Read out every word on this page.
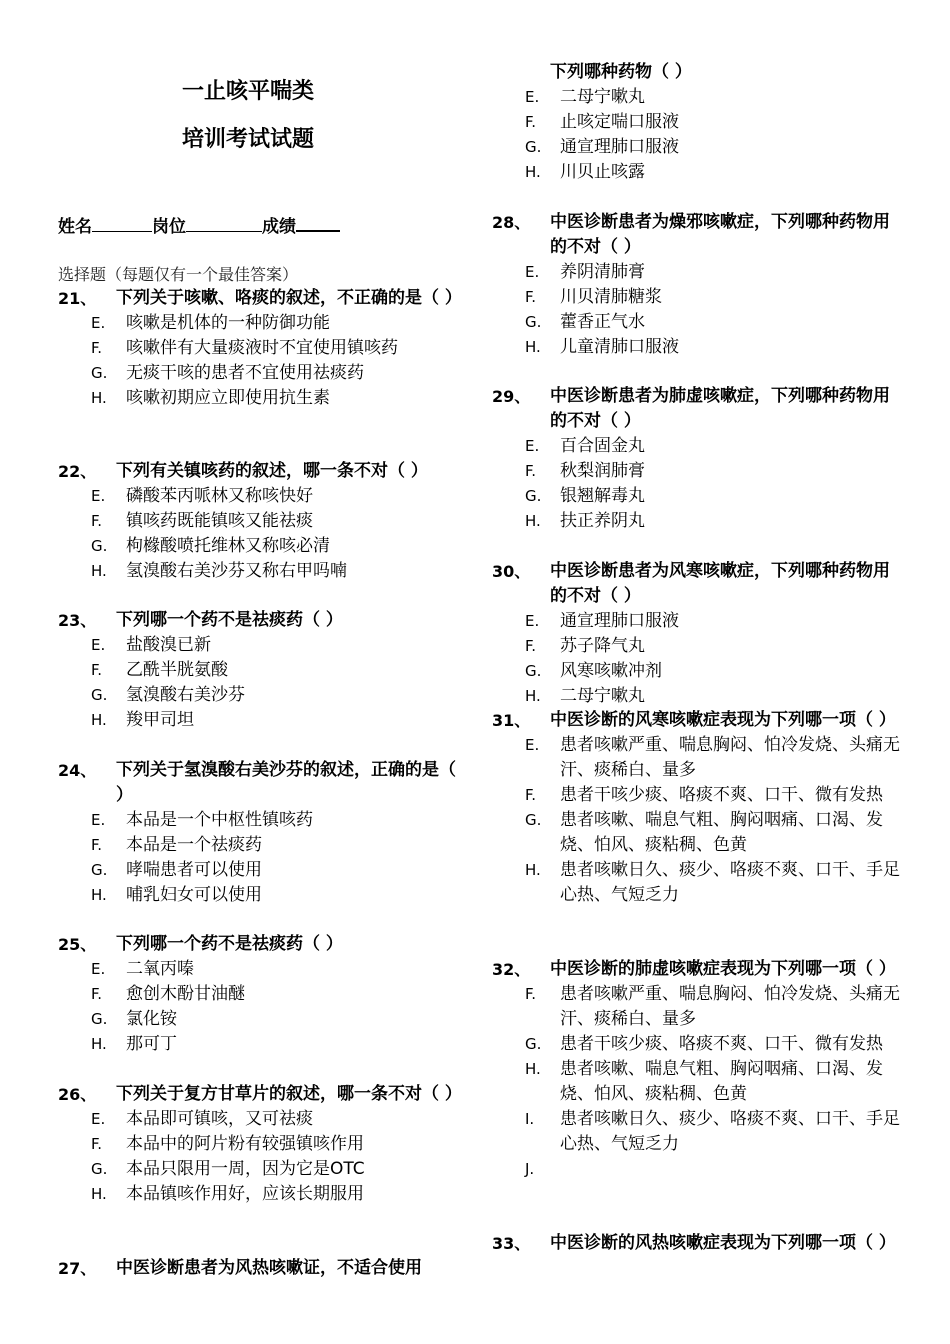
一止咳平喘类
培训考试试题
姓名	岗位	成绩
选择题（每题仅有一个最佳答案）
21、 下列关于咳嗽、咯痰的叙述，不正确的是（ ）
E. 咳嗽是机体的一种防御功能
F. 咳嗽伴有大量痰液时不宜使用镇咳药
G. 无痰干咳的患者不宜使用祛痰药
H. 咳嗽初期应立即使用抗生素
22、 下列有关镇咳药的叙述，哪一条不对（ ）
E. 磷酸苯丙哌林又称咳快好
F. 镇咳药既能镇咳又能祛痰
G. 枸橼酸喷托维林又称咳必清
H. 氢溴酸右美沙芬又称右甲吗喃
23、 下列哪一个药不是祛痰药（ ）
E. 盐酸溴已新
F. 乙酰半胱氨酸
G. 氢溴酸右美沙芬
H. 羧甲司坦
24、 下列关于氢溴酸右美沙芬的叙述，正确的是（ ）
E. 本品是一个中枢性镇咳药
F. 本品是一个祛痰药
G. 哮喘患者可以使用
H. 哺乳妇女可以使用
25、 下列哪一个药不是祛痰药（ ）
E. 二氧丙嗪
F. 愈创木酚甘油醚
G. 氯化铵
H. 那可丁
26、 下列关于复方甘草片的叙述，哪一条不对（ ）
E. 本品即可镇咳，又可祛痰
F. 本品中的阿片粉有较强镇咳作用
G. 本品只限用一周，因为它是OTC
H. 本品镇咳作用好，应该长期服用
27、 中医诊断患者为风热咳嗽证，不适合使用
下列哪种药物（ ）
E. 二母宁嗽丸
F. 止咳定喘口服液
G. 通宣理肺口服液
H. 川贝止咳露
28、 中医诊断患者为燥邪咳嗽症，下列哪种药物用的不对（ ）
E. 养阴清肺膏
F. 川贝清肺糖浆
G. 藿香正气水
H. 儿童清肺口服液
29、 中医诊断患者为肺虚咳嗽症，下列哪种药物用的不对（ ）
E. 百合固金丸
F. 秋梨润肺膏
G. 银翘解毒丸
H. 扶正养阴丸
30、 中医诊断患者为风寒咳嗽症，下列哪种药物用的不对（ ）
E. 通宣理肺口服液
F. 苏子降气丸
G. 风寒咳嗽冲剂
H. 二母宁嗽丸
31、 中医诊断的风寒咳嗽症表现为下列哪一项（ ）
E. 患者咳嗽严重、喘息胸闷、怕冷发烧、头痛无汗、痰稀白、量多
F. 患者干咳少痰、咯痰不爽、口干、微有发热
G. 患者咳嗽、喘息气粗、胸闷咽痛、口渴、发烧、怕风、痰粘稠、色黄
H. 患者咳嗽日久、痰少、咯痰不爽、口干、手足心热、气短乏力
32、 中医诊断的肺虚咳嗽症表现为下列哪一项（ ）
F. 患者咳嗽严重、喘息胸闷、怕冷发烧、头痛无汗、痰稀白、量多
G. 患者干咳少痰、咯痰不爽、口干、微有发热
H. 患者咳嗽、喘息气粗、胸闷咽痛、口渴、发烧、怕风、痰粘稠、色黄
I. 患者咳嗽日久、痰少、咯痰不爽、口干、手足心热、气短乏力
J.
33、 中医诊断的风热咳嗽症表现为下列哪一项（ ）
